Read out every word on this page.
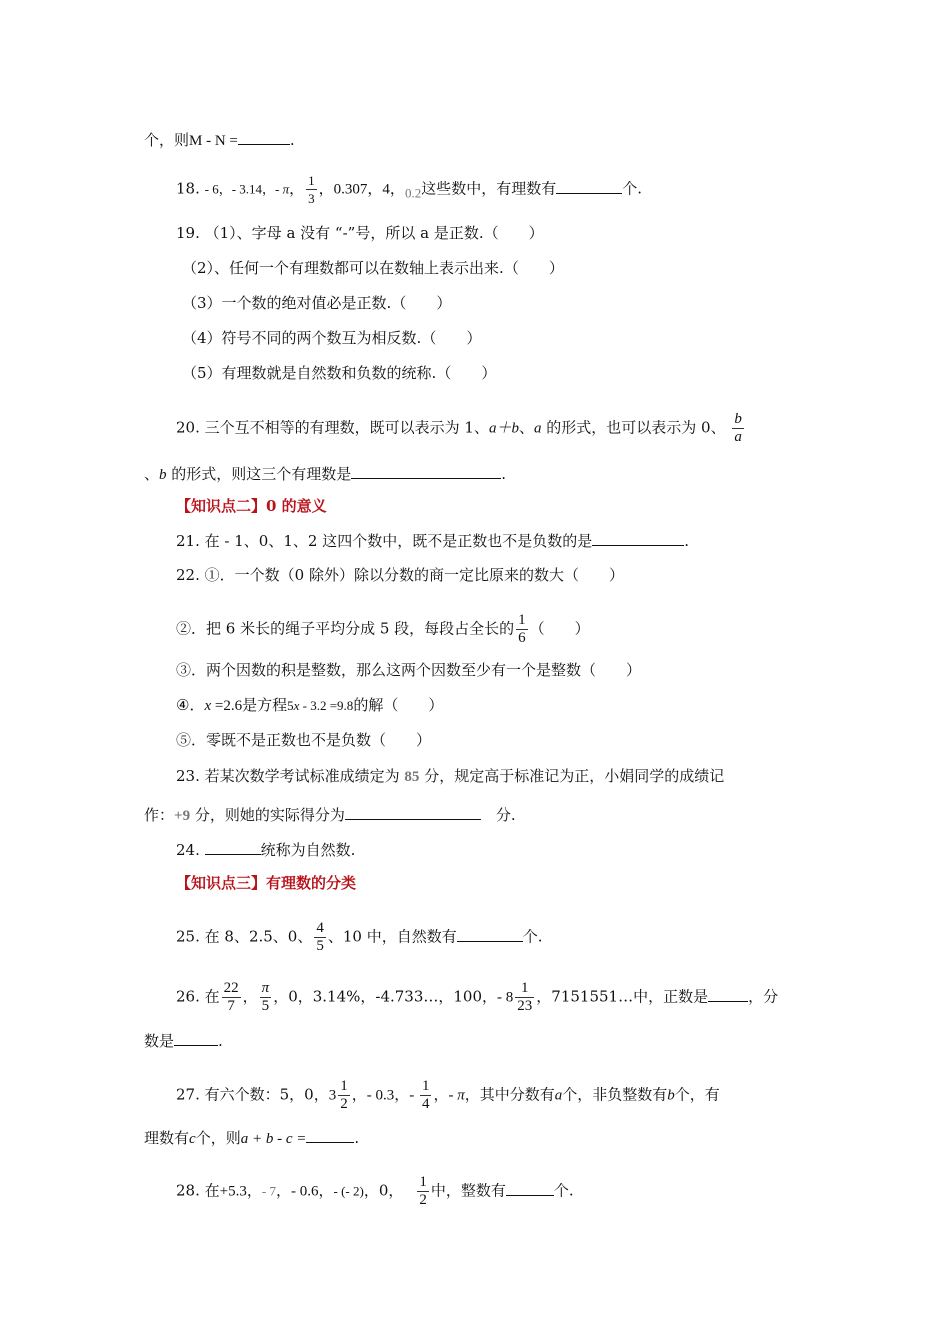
个，则M - N =	.
18. - 6，- 3.14，- π， $\frac{1}{3}$ ，0.307，4，0.2这些数中，有理数有	个.
19. （1）、字母 a 没有 “-”号，所以 a 是正数.（　　）
（2）、任何一个有理数都可以在数轴上表示出来.（　　）
（3）一个数的绝对值必是正数.（　　）
（4）符号不同的两个数互为相反数.（　　）
（5）有理数就是自然数和负数的统称.（　　）
20. 三个互不相等的有理数，既可以表示为 1、a＋b、a 的形式，也可以表示为 0、 $\frac{b}{a}$
、b 的形式，则这三个有理数是	.
【知识点二】0 的意义
21. 在 - 1、0、1、2 这四个数中，既不是正数也不是负数的是	.
22. ①．一个数（0 除外）除以分数的商一定比原来的数大（　　）
②．把 6 米长的绳子平均分成 5 段，每段占全长的 $\frac{1}{6}$ （　　）
③．两个因数的积是整数，那么这两个因数至少有一个是整数（　　）
④．x =2.6是方程5x - 3.2 =9.8的解（　　）
⑤．零既不是正数也不是负数（　　）
23. 若某次数学考试标准成绩定为 85 分，规定高于标准记为正，小娟同学的成绩记
作：+9 分，则她的实际得分为	　分.
24.	统称为自然数.
【知识点三】有理数的分类
25. 在 8、2.5、0、 $\frac{4}{5}$ 、10 中，自然数有	个.
26. 在 $\frac{22}{7}$ ， $\frac{\pi}{5}$ ，0，3.14%，-4.733…，100，- $8 \frac{1}{23}$ ，7151551…中，正数是	，分
数是	.
27. 有六个数：5，0，$3 \frac{1}{2}$ ，- 0.3，- $\frac{1}{4}$ ，- π，其中分数有a个，非负整数有b个，有
理数有c个，则a + b - c =	.
28. 在+5.3，- 7，- 0.6，- (- 2)，0， $\frac{1}{2}$ 中，整数有	个.
